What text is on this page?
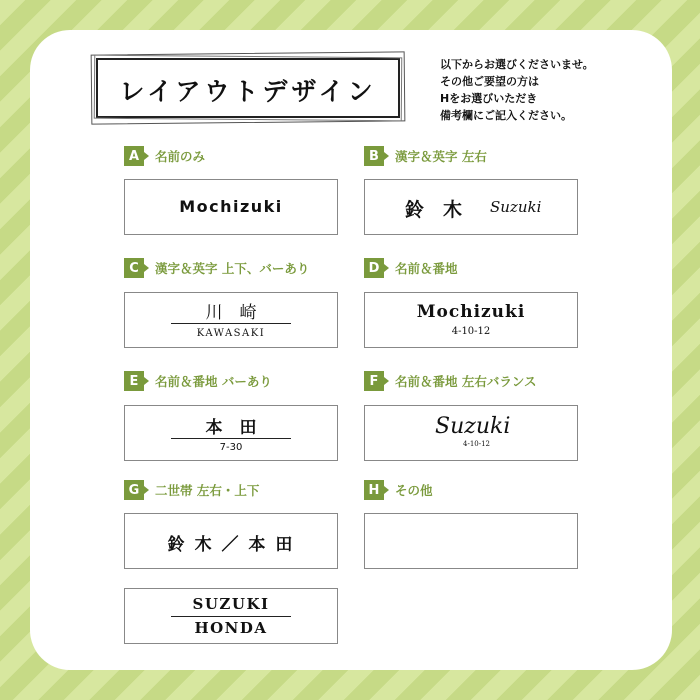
レイアウトデザイン
以下からお選びくださいませ。
その他ご要望の方は
Hをお選びいただき
備考欄にご記入ください。
A	名前のみ
Mochizuki
B	漢字＆英字 左右
鈴　木 Suzuki
C	漢字＆英字 上下、バーあり
川　崎
KAWASAKI
D	名前＆番地
Mochizuki
4-10-12
E	名前＆番地 バーあり
本　田
7-30
F	名前＆番地 左右バランス
Suzuki
4-10-12
G	二世帯 左右・上下
鈴 木 ／ 本 田
SUZUKI
HONDA
H	その他
